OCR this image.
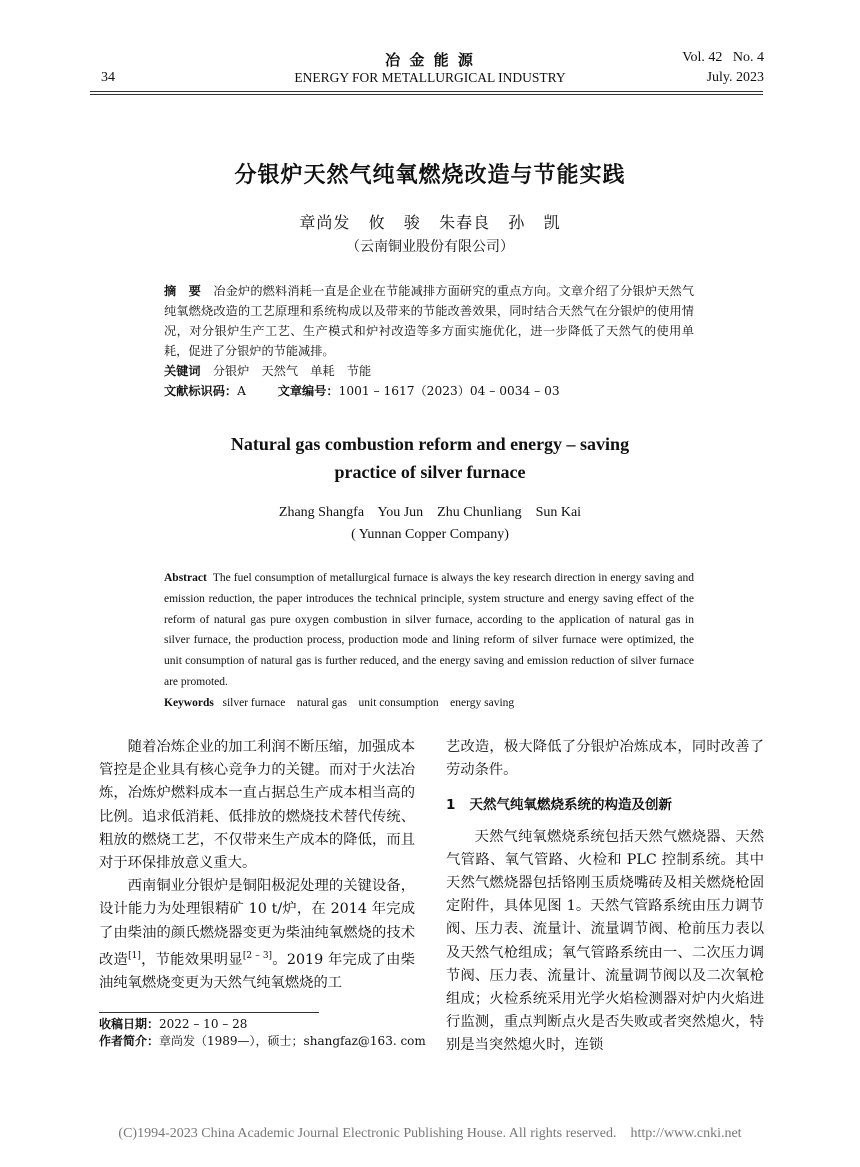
34
冶 金 能 源
ENERGY FOR METALLURGICAL INDUSTRY
Vol. 42   No. 4
July. 2023
分银炉天然气纯氧燃烧改造与节能实践
章尚发   攸   骏   朱春良   孙   凯
（云南铜业股份有限公司）
摘　要　 冶金炉的燃料消耗一直是企业在节能减排方面研究的重点方向。文章介绍了分银炉天然气纯氧燃烧改造的工艺原理和系统构成以及带来的节能改善效果，同时结合天然气在分银炉的使用情况，对分银炉生产工艺、生产模式和炉衬改造等多方面实施优化，进一步降低了天然气的使用单耗，促进了分银炉的节能减排。
关键词　 分银炉　天然气　单耗　节能
文献标识码：A	文章编号：1001 – 1617（2023）04 – 0034 – 03
Natural gas combustion reform and energy – saving
practice of silver furnace
Zhang Shangfa    You Jun    Zhu Chunliang    Sun Kai
( Yunnan Copper Company)
Abstract The fuel consumption of metallurgical furnace is always the key research direction in energy saving and emission reduction, the paper introduces the technical principle, system structure and energy saving effect of the reform of natural gas pure oxygen combustion in silver furnace, according to the application of natural gas in silver furnace, the production process, production mode and lining reform of silver furnace were optimized, the unit consumption of natural gas is further reduced, and the energy saving and emission reduction of silver furnace are promoted.
Keywords silver furnace    natural gas    unit consumption    energy saving

随着冶炼企业的加工利润不断压缩，加强成本管控是企业具有核心竞争力的关键。而对于火法冶炼，冶炼炉燃料成本一直占据总生产成本相当高的比例。追求低消耗、低排放的燃烧技术替代传统、粗放的燃烧工艺，不仅带来生产成本的降低，而且对于环保排放意义重大。

西南铜业分银炉是铜阳极泥处理的关键设备，设计能力为处理银精矿 10 t/炉，在 2014 年完成了由柴油的颜氏燃烧器变更为柴油纯氧燃烧的技术改造[1]，节能效果明显[2 – 3]。2019 年完成了由柴油纯氧燃烧变更为天然气纯氧燃烧的工

收稿日期：2022 – 10 – 28
作者简介：章尚发（1989—），硕士；shangfaz@163. com

艺改造，极大降低了分银炉冶炼成本，同时改善了劳动条件。

1 天然气纯氧燃烧系统的构造及创新

天然气纯氧燃烧系统包括天然气燃烧器、天然气管路、氧气管路、火检和 PLC 控制系统。其中天然气燃烧器包括铬刚玉质烧嘴砖及相关燃烧枪固定附件，具体见图 1。天然气管路系统由压力调节阀、压力表、流量计、流量调节阀、枪前压力表以及天然气枪组成；氧气管路系统由一、二次压力调节阀、压力表、流量计、流量调节阀以及二次氧枪组成；火检系统采用光学火焰检测器对炉内火焰进行监测，重点判断点火是否失败或者突然熄火，特别是当突然熄火时，连锁

(C)1994-2023 China Academic Journal Electronic Publishing House. All rights reserved.    http://www.cnki.net
